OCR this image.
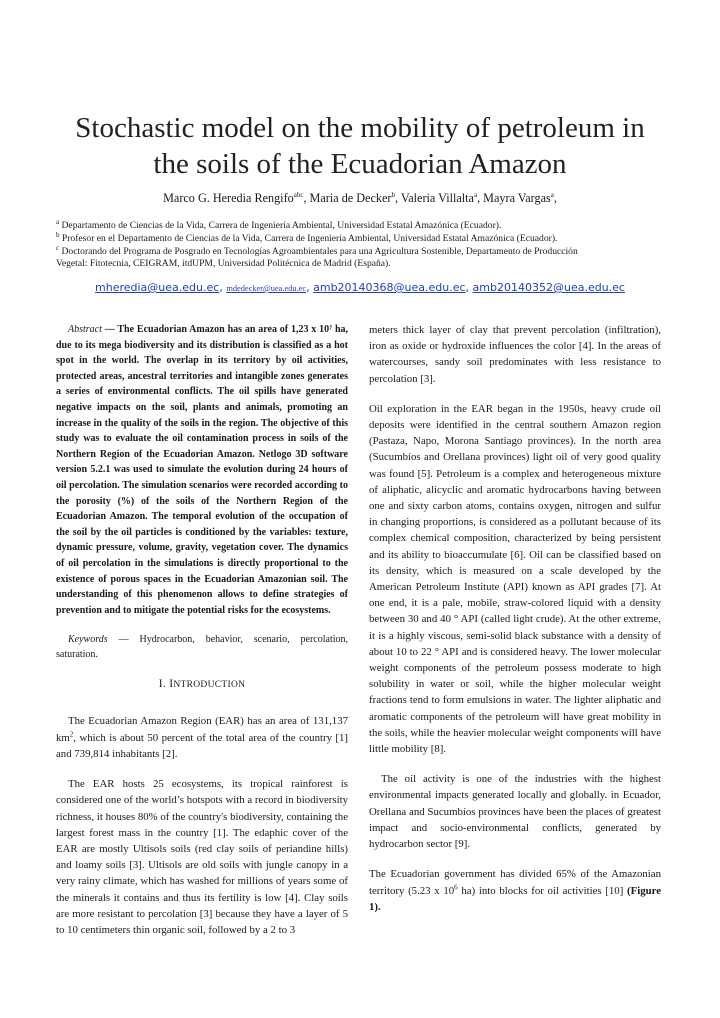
Stochastic model on the mobility of petroleum in
the soils of the Ecuadorian Amazon
Marco G. Heredia Rengifo$^{abc}$, Maria de Decker$^b$, Valeria Villalta$^a$, Mayra Vargas$^a$,
$^a$ Departamento de Ciencias de la Vida, Carrera de Ingeniería Ambiental, Universidad Estatal Amazónica (Ecuador).
$^b$ Profesor en el Departamento de Ciencias de la Vida, Carrera de Ingeniería Ambiental, Universidad Estatal Amazónica (Ecuador).
$^c$ Doctorando del Programa de Posgrado en Tecnologías Agroambientales para una Agricultura Sostenible, Departamento de Producción
Vegetal: Fitotecnia, CEIGRAM, itdUPM, Universidad Politécnica de Madrid (España).
mheredia@uea.edu.ec, mdedecker@uea.edu.ec, amb20140368@uea.edu.ec, amb20140352@uea.edu.ec

Abstract — The Ecuadorian Amazon has an area of 1,23 x 10⁷ ha, due to its mega biodiversity and its distribution is classified as a hot spot in the world. The overlap in its territory by oil activities, protected areas, ancestral territories and intangible zones generates a series of environmental conflicts. The oil spills have generated negative impacts on the soil, plants and animals, promoting an increase in the quality of the soils in the region. The objective of this study was to evaluate the oil contamination process in soils of the Northern Region of the Ecuadorian Amazon. Netlogo 3D software version 5.2.1 was used to simulate the evolution during 24 hours of oil percolation. The simulation scenarios were recorded according to the porosity (%) of the soils of the Northern Region of the Ecuadorian Amazon. The temporal evolution of the occupation of the soil by the oil particles is conditioned by the variables: texture, dynamic pressure, volume, gravity, vegetation cover. The dynamics of oil percolation in the simulations is directly proportional to the existence of porous spaces in the Ecuadorian Amazonian soil. The understanding of this phenomenon allows to define strategies of prevention and to mitigate the potential risks for the ecosystems.

Keywords — Hydrocarbon, behavior, scenario, percolation, saturation.

I. INTRODUCTION

The Ecuadorian Amazon Region (EAR) has an area of 131,137 $km^2$, which is about 50 percent of the total area of the country [1] and 739,814 inhabitants [2].

The EAR hosts 25 ecosystems, its tropical rainforest is considered one of the world’s hotspots with a record in biodiversity richness, it houses 80% of the country's biodiversity, containing the largest forest mass in the country [1]. The edaphic cover of the EAR are mostly Ultisols soils (red clay soils of periandine hills) and loamy soils [3]. Ultisols are old soils with jungle canopy in a very rainy climate, which has washed for millions of years some of the minerals it contains and thus its fertility is low [4]. Clay soils are more resistant to percolation [3] because they have a layer of 5 to 10 centimeters thin organic soil, followed by a 2 to 3

meters thick layer of clay that prevent percolation (infiltration), iron as oxide or hydroxide influences the color [4]. In the areas of watercourses, sandy soil predominates with less resistance to percolation [3].

Oil exploration in the EAR began in the 1950s, heavy crude oil deposits were identified in the central southern Amazon region (Pastaza, Napo, Morona Santiago provinces). In the north area (Sucumbíos and Orellana provinces) light oil of very good quality was found [5]. Petroleum is a complex and heterogeneous mixture of aliphatic, alicyclic and aromatic hydrocarbons having between one and sixty carbon atoms, contains oxygen, nitrogen and sulfur in changing proportions, is considered as a pollutant because of its complex chemical composition, characterized by being persistent and its ability to bioaccumulate [6]. Oil can be classified based on its density, which is measured on a scale developed by the American Petroleum Institute (API) known as API grades [7]. At one end, it is a pale, mobile, straw-colored liquid with a density between 30 and 40 ° API (called light crude). At the other extreme, it is a highly viscous, semi-solid black substance with a density of about 10 to 22 ° API and is considered heavy. The lower molecular weight components of the petroleum possess moderate to high solubility in water or soil, while the higher molecular weight fractions tend to form emulsions in water. The lighter aliphatic and aromatic components of the petroleum will have great mobility in the soils, while the heavier molecular weight components will have little mobility [8].

The oil activity is one of the industries with the highest environmental impacts generated locally and globally. in Ecuador, Orellana and Sucumbíos provinces have been the places of greatest impact and socio-environmental conflicts, generated by hydrocarbon sector [9].

The Ecuadorian government has divided 65% of the Amazonian territory (5.23 x $10^6$ ha) into blocks for oil activities [10] (Figure 1).
